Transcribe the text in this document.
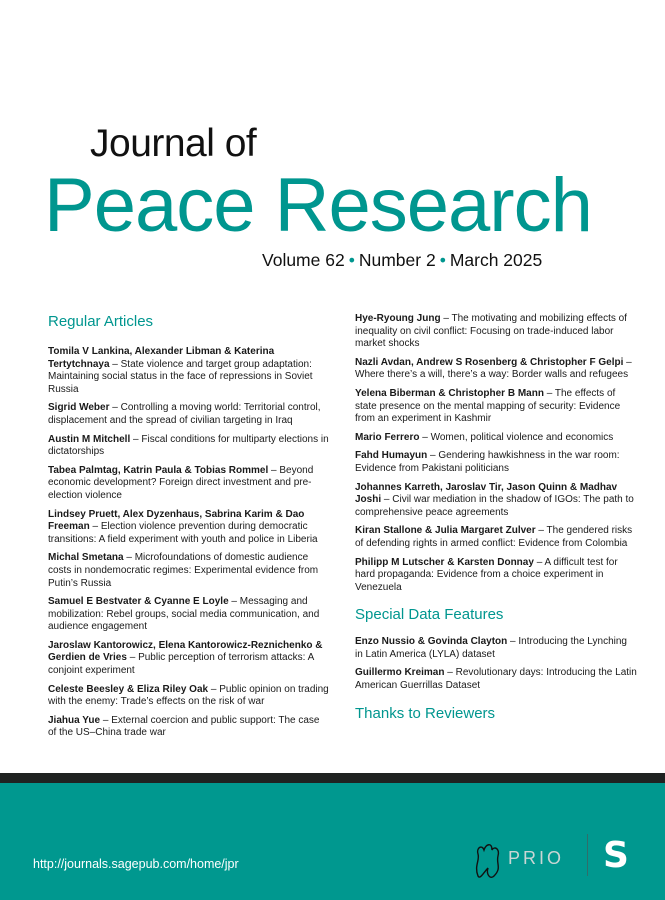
Journal of
Peace Research
Volume 62 • Number 2 • March 2025
Regular Articles
Tomila V Lankina, Alexander Libman & Katerina Tertytchnaya – State violence and target group adaptation: Maintaining social status in the face of repressions in Soviet Russia
Sigrid Weber – Controlling a moving world: Territorial control, displacement and the spread of civilian targeting in Iraq
Austin M Mitchell – Fiscal conditions for multiparty elections in dictatorships
Tabea Palmtag, Katrin Paula & Tobias Rommel – Beyond economic development? Foreign direct investment and pre-election violence
Lindsey Pruett, Alex Dyzenhaus, Sabrina Karim & Dao Freeman – Election violence prevention during democratic transitions: A field experiment with youth and police in Liberia
Michal Smetana – Microfoundations of domestic audience costs in nondemocratic regimes: Experimental evidence from Putin’s Russia
Samuel E Bestvater & Cyanne E Loyle – Messaging and mobilization: Rebel groups, social media communication, and audience engagement
Jaroslaw Kantorowicz, Elena Kantorowicz-Reznichenko & Gerdien de Vries – Public perception of terrorism attacks: A conjoint experiment
Celeste Beesley & Eliza Riley Oak – Public opinion on trading with the enemy: Trade’s effects on the risk of war
Jiahua Yue – External coercion and public support: The case of the US–China trade war
Hye-Ryoung Jung – The motivating and mobilizing effects of inequality on civil conflict: Focusing on trade-induced labor market shocks
Nazli Avdan, Andrew S Rosenberg & Christopher F Gelpi – Where there’s a will, there’s a way: Border walls and refugees
Yelena Biberman & Christopher B Mann – The effects of state presence on the mental mapping of security: Evidence from an experiment in Kashmir
Mario Ferrero – Women, political violence and economics
Fahd Humayun – Gendering hawkishness in the war room: Evidence from Pakistani politicians
Johannes Karreth, Jaroslav Tir, Jason Quinn & Madhav Joshi – Civil war mediation in the shadow of IGOs: The path to comprehensive peace agreements
Kiran Stallone & Julia Margaret Zulver – The gendered risks of defending rights in armed conflict: Evidence from Colombia
Philipp M Lutscher & Karsten Donnay – A difficult test for hard propaganda: Evidence from a choice experiment in Venezuela
Special Data Features
Enzo Nussio & Govinda Clayton – Introducing the Lynching in Latin America (LYLA) dataset
Guillermo Kreiman – Revolutionary days: Introducing the Latin American Guerrillas Dataset
Thanks to Reviewers
http://journals.sagepub.com/home/jpr	PRIO S
